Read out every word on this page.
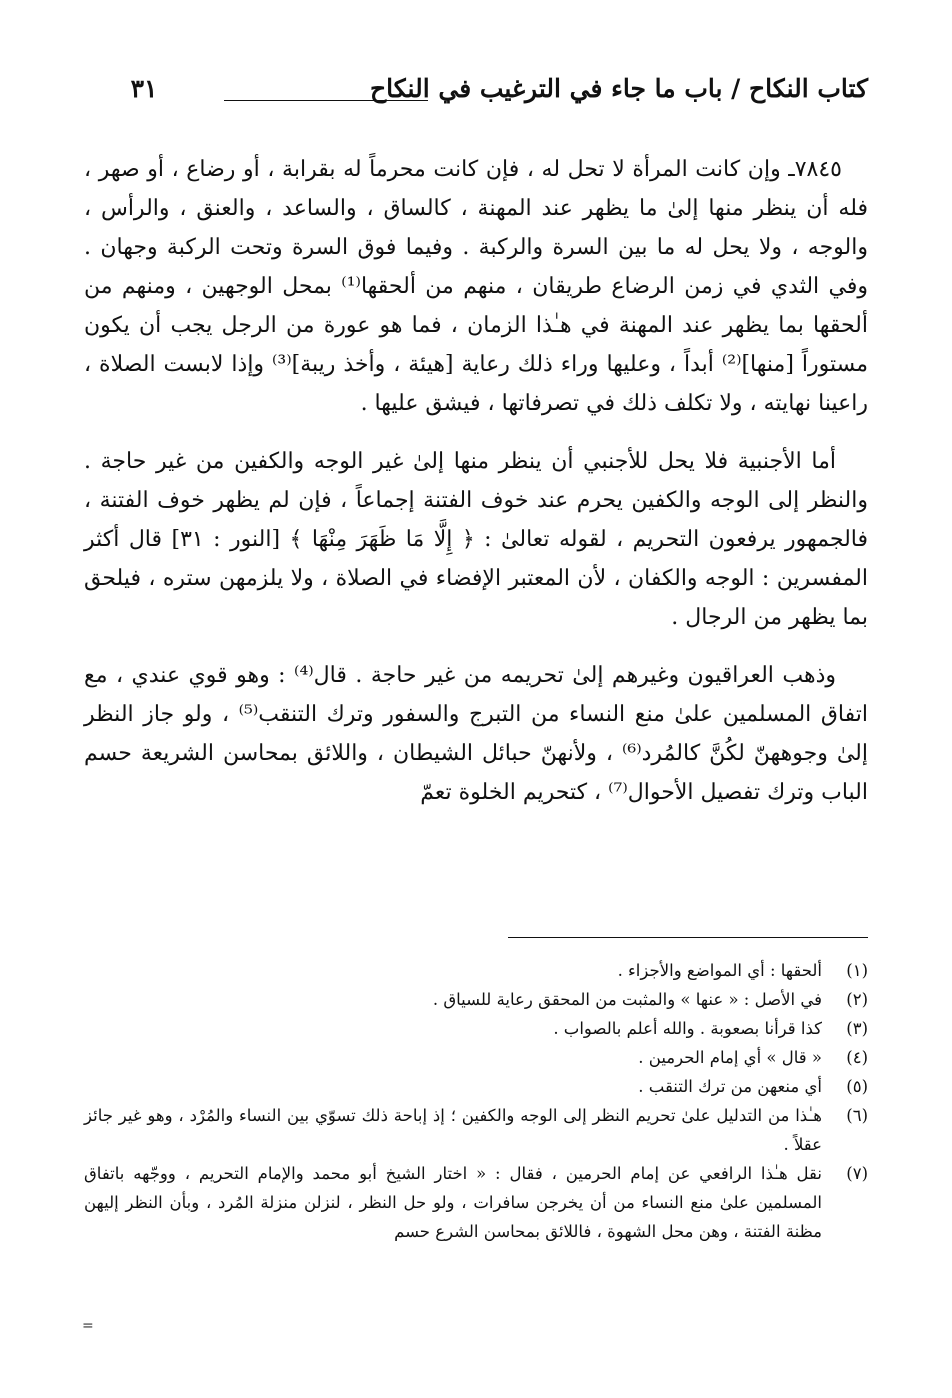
كتاب النكاح / باب ما جاء في الترغيب في النكاح
٣١

٧٨٤٥ـ وإن كانت المرأة لا تحل له ، فإن كانت محرماً له بقرابة ، أو رضاع ، أو صهر ، فله أن ينظر منها إلىٰ ما يظهر عند المهنة ، كالساق ، والساعد ، والعنق ، والرأس ، والوجه ، ولا يحل له ما بين السرة والركبة . وفيما فوق السرة وتحت الركبة وجهان . وفي الثدي في زمن الرضاع طريقان ، منهم من ألحقها⁽¹⁾ بمحل الوجهين ، ومنهم من ألحقها بما يظهر عند المهنة في هـٰذا الزمان ، فما هو عورة من الرجل يجب أن يكون مستوراً [منها]⁽²⁾ أبداً ، وعليها وراء ذلك رعاية [هيئة ، وأخذ ريبة]⁽³⁾ وإذا لابست الصلاة ، راعينا نهايته ، ولا تكلف ذلك في تصرفاتها ، فيشق عليها .

أما الأجنبية فلا يحل للأجنبي أن ينظر منها إلىٰ غير الوجه والكفين من غير حاجة . والنظر إلى الوجه والكفين يحرم عند خوف الفتنة إجماعاً ، فإن لم يظهر خوف الفتنة ، فالجمهور يرفعون التحريم ، لقوله تعالىٰ : ﴿ إِلَّا مَا ظَهَرَ مِنْهَا ﴾ [النور : ٣١] قال أكثر المفسرين : الوجه والكفان ، لأن المعتبر الإفضاء في الصلاة ، ولا يلزمهن ستره ، فيلحق بما يظهر من الرجال .

وذهب العراقيون وغيرهم إلىٰ تحريمه من غير حاجة . قال⁽⁴⁾ : وهو قوي عندي ، مع اتفاق المسلمين علىٰ منع النساء من التبرج والسفور وترك التنقب⁽⁵⁾ ، ولو جاز النظر إلىٰ وجوههنّ لكُنَّ كالمُرد⁽⁶⁾ ، ولأنهنّ حبائل الشيطان ، واللائق بمحاسن الشريعة حسم الباب وترك تفصيل الأحوال⁽⁷⁾ ، كتحريم الخلوة تعمّ

(١)
ألحقها : أي المواضع والأجزاء .
(٢)
في الأصل : « عنها » والمثبت من المحقق رعاية للسياق .
(٣)
كذا قرأنا بصعوبة . والله أعلم بالصواب .
(٤)
« قال » أي إمام الحرمين .
(٥)
أي منعهن من ترك التنقب .
(٦)
هـٰذا من التدليل علىٰ تحريم النظر إلى الوجه والكفين ؛ إذ إباحة ذلك تسوّي بين النساء والمُرْد ، وهو غير جائز عقلاً .
(٧)
نقل هـٰذا الرافعي عن إمام الحرمين ، فقال : « اختار الشيخ أبو محمد والإمام التحريم ، ووجّهه باتفاق المسلمين علىٰ منع النساء من أن يخرجن سافرات ، ولو حل النظر ، لنزلن منزلة المُرد ، وبأن النظر إليهن مظنة الفتنة ، وهن محل الشهوة ، فاللائق بمحاسن الشرع حسم
=
